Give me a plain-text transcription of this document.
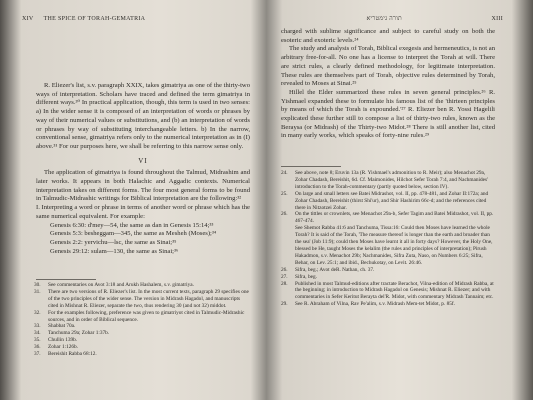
XIV	THE SPICE OF TORAH-GEMATRIA

R. Eliezer's list, s.v. paragraph XXIX, takes gimatriya as one of the thirty-two ways of interpretation. Scholars have traced and defined the term gimatriya in different ways.³⁰ In practical application, though, this term is used in two senses: a) In the wider sense it is composed of an interpretation of words or phrases by way of their numerical values or substitutions, and (b) an interpretation of words or phrases by way of substituting interchangeable letters. b) In the narrow, conventional sense, gimatriya refers only to the numerical interpretation as in (I) above.³¹ For our purposes here, we shall be referring to this narrow sense only.

VI

The application of gimatriya is found throughout the Talmud, Midrashim and later works. It appears in both Halachic and Aggadic contexts. Numerical interpretation takes on different forms. The four most general forms to be found in Talmudic-Midrashic writings for Biblical interpretation are the following:³²

I. Interpreting a word or phrase in terms of another word or phrase which has the same numerical equivalent. For example:

Genesis 6:30: d'mey—54, the same as dan in Genesis 15:14;³³

Genesis 5:3: besheggam—345, the same as Mesheh (Moses);³⁴

Genesis 2:2: yervichu—lsc, the same as Sinai;³⁵

Genesis 29:12: sulam—130, the same as Sinai;³⁶

30.	See commentaries on Avot 3:18 and Arukh Hashalem, s.v. gimatriya.
31.	There are two versions of R. Eliezer's list. In the most current texts, paragraph 29 specifies one of the two principles of the wider sense. The version in Midrash Hagadol, and manuscripts cited in Mishnat R. Eliezer, separate the two, thus rendering 30 (and not 32) middot.
32.	For the examples following, preference was given to gimatriyot cited in Talmudic-Midrashic sources, and in order of Biblical sequence.
33.	Shabbat 70a.
34.	Tanchuma 29a; Zohar 1:37b.
35.	Chullin 139b.
36.	Zohar 1:126b.
37.	Bereishit Rabba 68:12.
תורה גימטריא	XIII

charged with sublime significance and subject to careful study on both the esoteric and exoteric levels.²⁴

The study and analysis of Torah, Biblical exegesis and hermeneutics, is not an arbitrary free-for-all. No one has a license to interpret the Torah at will. There are strict rules, a clearly defined methodology, for legitimate interpretation. These rules are themselves part of Torah, objective rules determined by Torah, revealed to Moses at Sinai.²⁵

Hillel the Elder summarized these rules in seven general principles.²⁶ R. Yishmael expanded these to formulate his famous list of the 'thirteen principles by means of which the Torah is expounded.'²⁷ R. Eliezer ben R. Yossi Hagelili explicated these further still to compose a list of thirty-two rules, known as the Beraysa (or Midrash) of the Thirty-two Midot.²⁸ There is still another list, cited in many early works, which speaks of forty-nine rules.²⁹

24.	See above, note 8; Eruvin 13a (R. Yishmael's admonition to R. Meir); also Menachot 29a, Zohar Chadash, Bereishit, 6d. Cf. Maimonides, Hilchot Sefer Torah 7:4, and Nachmanides' introduction to the Torah-commentary (partly quoted below, section IV).
25.	On large and small letters see Batei Midrashot, vol. II, pp. 478-481, and Zohar II:172a; and Zohar Chadash, Bereishit (thirst Shi'ur), and Shir Hashirim 66c-d; and the references cited there in Nitzotzei Zohar.
26.	On the tittles or crownlets, see Menachot 29a-b, Sefer Tagim and Batei Midrashot, vol. II, pp. 467-474.
See Shemot Rabba 41:6 and Tanchuma, Tissa:16: Could then Moses have learned the whole Torah? It is said of the Torah, 'The measure thereof is longer than the earth and broader than the sea' (Job 11:9); could then Moses have learnt it all in forty days? However, the Holy One, blessed be He, taught Moses the kelalim (the rules and principles of interpretation); Pirush Hakadmon, s.v. Menachot 29b; Nachmanides, Sifra Zuta, Naso, on Numbers 6:25; Sifra, Behar, on Lev. 25:1; and ibid., Bechukotay, on Levit. 26:46.
26.	Sifra, beg.; Avot deR. Nathan, ch. 37.
27.	Sifra, beg.
28.	Published in most Talmud-editions after tractate Berachot, Vilna-edition of Midrash Rabba, at the beginning; in introduction to Midrash Hagadol on Genesis; Mishnat R. Eliezer; and with commentaries in Sefer Keritut Berayta del'R. Midot, with commentary Midrash Tannaim; etc.
29.	See R. Abraham of Vilna, Rav Pe'alim, s.v. Midrash Mem-tet Midot, p. 85f.
